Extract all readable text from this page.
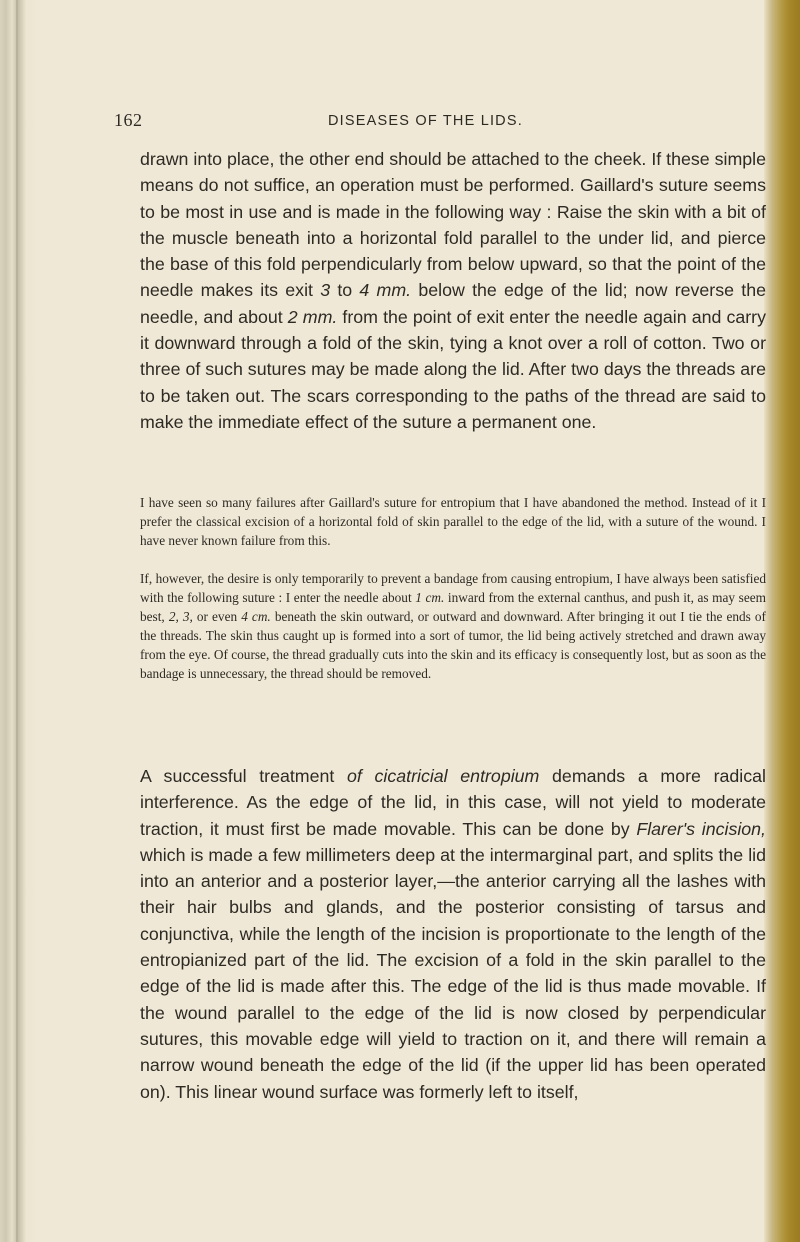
162	DISEASES OF THE LIDS.

drawn into place, the other end should be attached to the cheek. If these simple means do not suffice, an operation must be performed. Gaillard's suture seems to be most in use and is made in the following way : Raise the skin with a bit of the muscle beneath into a horizontal fold parallel to the under lid, and pierce the base of this fold perpendicularly from below upward, so that the point of the needle makes its exit 3 to 4 mm. below the edge of the lid; now reverse the needle, and about 2 mm. from the point of exit enter the needle again and carry it downward through a fold of the skin, tying a knot over a roll of cotton. Two or three of such sutures may be made along the lid. After two days the threads are to be taken out. The scars corresponding to the paths of the thread are said to make the immediate effect of the suture a permanent one.

I have seen so many failures after Gaillard's suture for entropium that I have abandoned the method. Instead of it I prefer the classical excision of a horizontal fold of skin parallel to the edge of the lid, with a suture of the wound. I have never known failure from this.

If, however, the desire is only temporarily to prevent a bandage from causing entropium, I have always been satisfied with the following suture : I enter the needle about 1 cm. inward from the external canthus, and push it, as may seem best, 2, 3, or even 4 cm. beneath the skin outward, or outward and downward. After bringing it out I tie the ends of the threads. The skin thus caught up is formed into a sort of tumor, the lid being actively stretched and drawn away from the eye. Of course, the thread gradually cuts into the skin and its efficacy is consequently lost, but as soon as the bandage is unnecessary, the thread should be removed.

A successful treatment of cicatricial entropium demands a more radical interference. As the edge of the lid, in this case, will not yield to moderate traction, it must first be made movable. This can be done by Flarer's incision, which is made a few millimeters deep at the intermarginal part, and splits the lid into an anterior and a posterior layer,—the anterior carrying all the lashes with their hair bulbs and glands, and the posterior consisting of tarsus and conjunctiva, while the length of the incision is proportionate to the length of the entropianized part of the lid. The excision of a fold in the skin parallel to the edge of the lid is made after this. The edge of the lid is thus made movable. If the wound parallel to the edge of the lid is now closed by perpendicular sutures, this movable edge will yield to traction on it, and there will remain a narrow wound beneath the edge of the lid (if the upper lid has been operated on). This linear wound surface was formerly left to itself,
